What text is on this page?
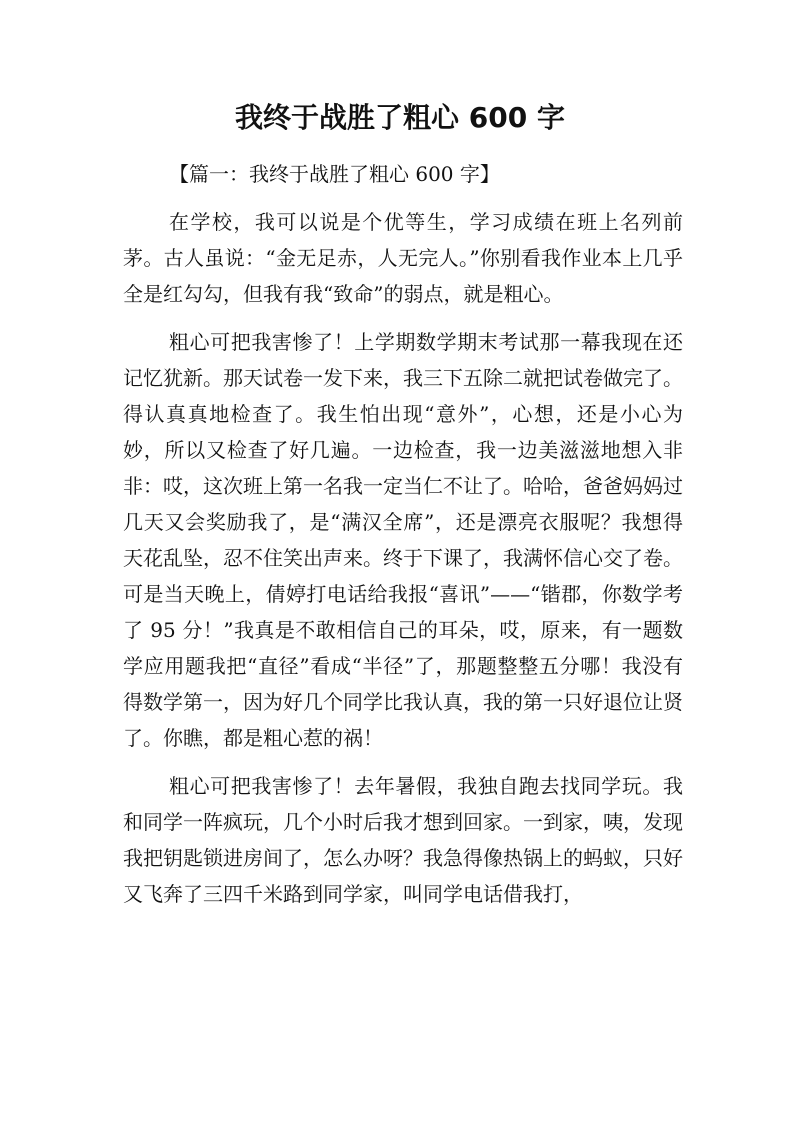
我终于战胜了粗心 600 字

【篇一：我终于战胜了粗心 600 字】

在学校，我可以说是个优等生，学习成绩在班上名列前茅。古人虽说：“金无足赤，人无完人。”你别看我作业本上几乎全是红勾勾，但我有我“致命”的弱点，就是粗心。

粗心可把我害惨了！上学期数学期末考试那一幕我现在还记忆犹新。那天试卷一发下来，我三下五除二就把试卷做完了。得认真真地检查了。我生怕出现“意外”，心想，还是小心为妙，所以又检查了好几遍。一边检查，我一边美滋滋地想入非非：哎，这次班上第一名我一定当仁不让了。哈哈，爸爸妈妈过几天又会奖励我了，是“满汉全席”，还是漂亮衣服呢？我想得天花乱坠，忍不住笑出声来。终于下课了，我满怀信心交了卷。可是当天晚上，倩婷打电话给我报“喜讯”——“锴郡，你数学考了 95 分！”我真是不敢相信自己的耳朵，哎，原来，有一题数学应用题我把“直径”看成“半径”了，那题整整五分哪！我没有得数学第一，因为好几个同学比我认真，我的第一只好退位让贤了。你瞧，都是粗心惹的祸！

粗心可把我害惨了！去年暑假，我独自跑去找同学玩。我和同学一阵疯玩，几个小时后我才想到回家。一到家，咦，发现我把钥匙锁进房间了，怎么办呀？我急得像热锅上的蚂蚁，只好又飞奔了三四千米路到同学家，叫同学电话借我打，
